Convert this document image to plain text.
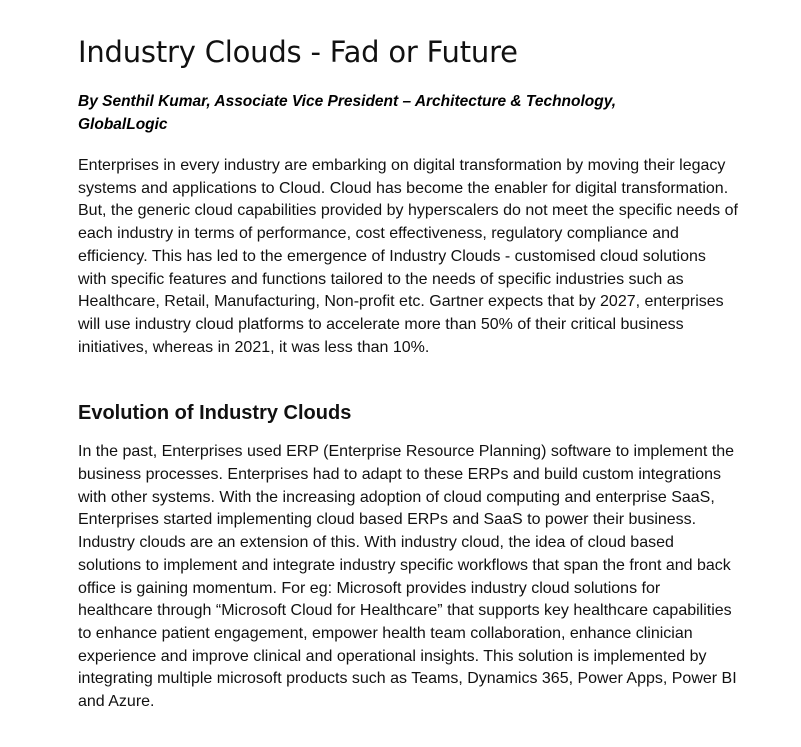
Industry Clouds - Fad or Future

By Senthil Kumar, Associate Vice President – Architecture & Technology, GlobalLogic

Enterprises in every industry are embarking on digital transformation by moving their legacy systems and applications to Cloud. Cloud has become the enabler for digital transformation. But, the generic cloud capabilities provided by hyperscalers do not meet the specific needs of each industry in terms of performance, cost effectiveness, regulatory compliance and efficiency. This has led to the emergence of Industry Clouds - customised cloud solutions with specific features and functions tailored to the needs of specific industries such as Healthcare, Retail, Manufacturing, Non-profit etc. Gartner expects that by 2027, enterprises will use industry cloud platforms to accelerate more than 50% of their critical business initiatives, whereas in 2021, it was less than 10%.

Evolution of Industry Clouds

In the past, Enterprises used ERP (Enterprise Resource Planning) software to implement the business processes. Enterprises had to adapt to these ERPs and build custom integrations with other systems. With the increasing adoption of cloud computing and enterprise SaaS, Enterprises started implementing cloud based ERPs and SaaS to power their business. Industry clouds are an extension of this. With industry cloud, the idea of cloud based solutions to implement and integrate industry specific workflows that span the front and back office is gaining momentum. For eg: Microsoft provides industry cloud solutions for healthcare through “Microsoft Cloud for Healthcare” that supports key healthcare capabilities to enhance patient engagement, empower health team collaboration, enhance clinician experience and improve clinical and operational insights. This solution is implemented by integrating multiple microsoft products such as Teams, Dynamics 365, Power Apps, Power BI and Azure.
